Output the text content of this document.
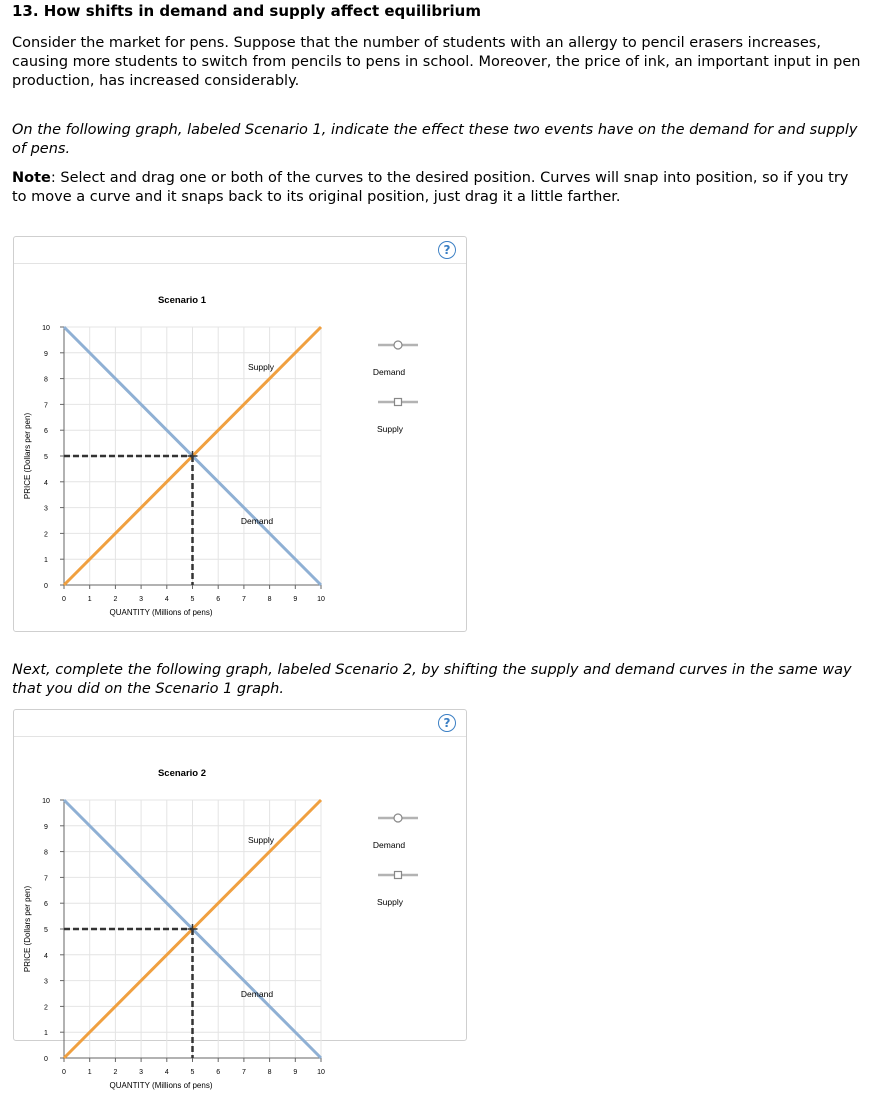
13. How shifts in demand and supply affect equilibrium

Consider the market for pens. Suppose that the number of students with an allergy to pencil erasers increases, causing more students to switch from pencils to pens in school. Moreover, the price of ink, an important input in pen production, has increased considerably.

On the following graph, labeled Scenario 1, indicate the effect these two events have on the demand for and supply of pens.

Note: Select and drag one or both of the curves to the desired position. Curves will snap into position, so if you try to move a curve and it snaps back to its original position, just drag it a little farther.

?
Scenario 1
0
1
2
3
4
5
6
7
8
9
10
0	1	2	3	4	5	6	7	8	9	10
QUANTITY (Millions of pens)
PRICE (Dollars per pen)
Supply
Demand
Demand
Supply

Next, complete the following graph, labeled Scenario 2, by shifting the supply and demand curves in the same way that you did on the Scenario 1 graph.

?
Scenario 2
0
1
2
3
4
5
6
7
8
9
10
0	1	2	3	4	5	6	7	8	9	10
QUANTITY (Millions of pens)
PRICE (Dollars per pen)
Supply
Demand
Demand
Supply
